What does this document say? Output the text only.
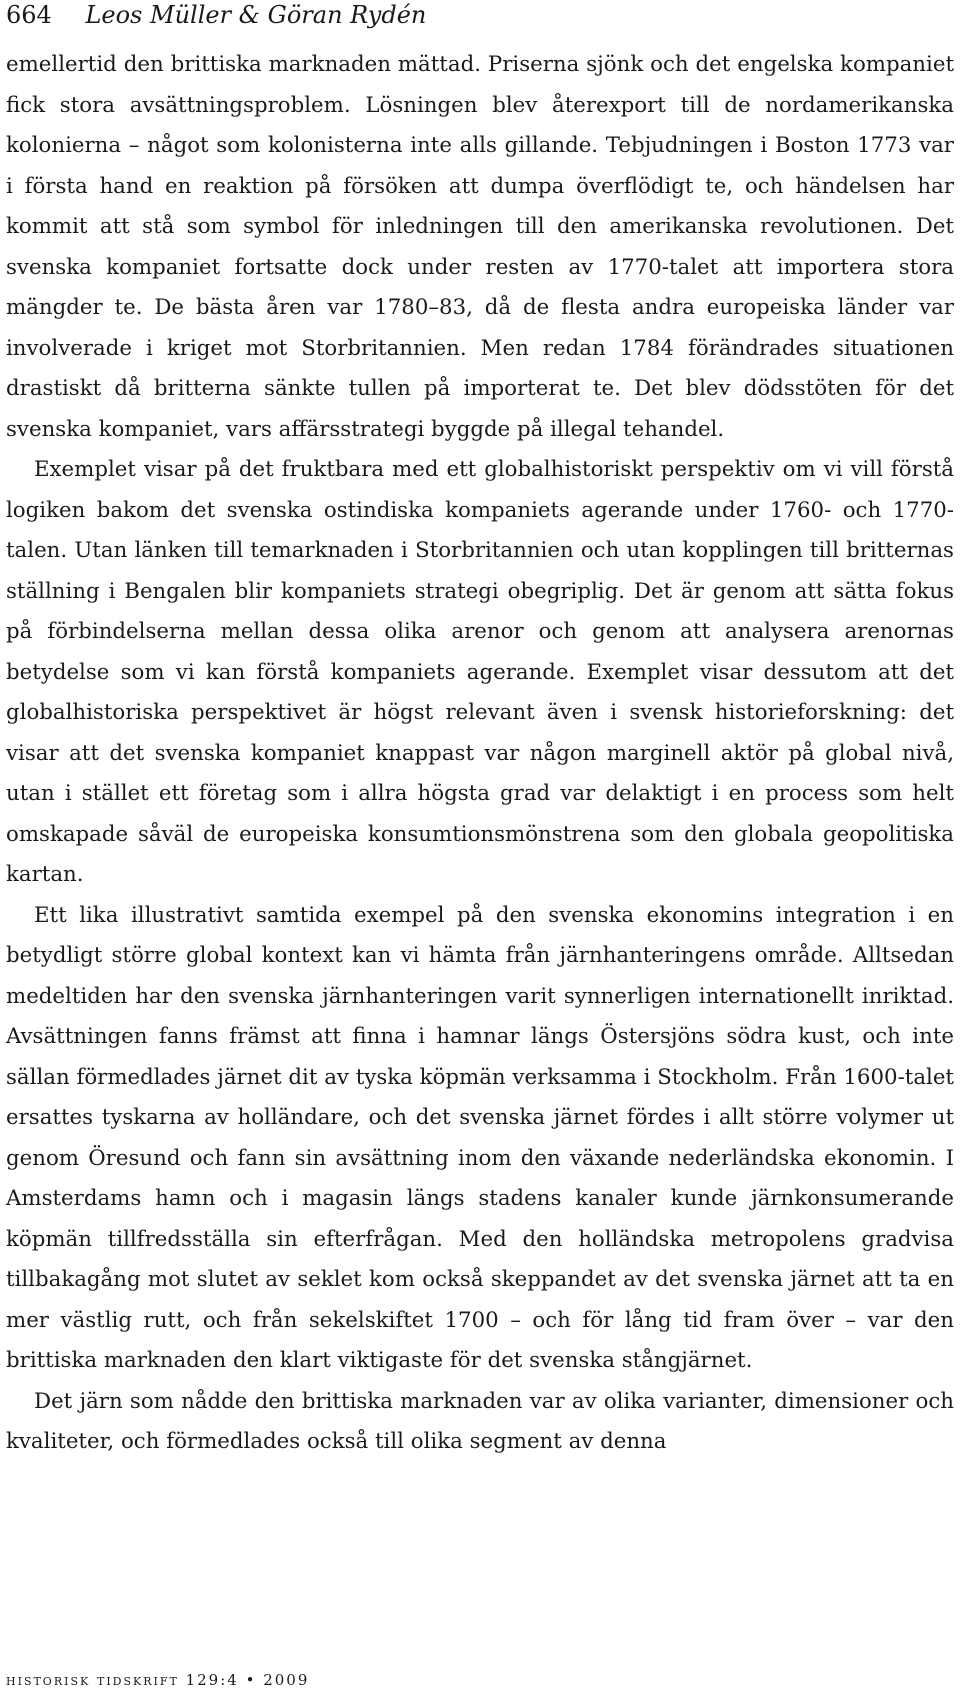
664 Leos Müller & Göran Rydén

emellertid den brittiska marknaden mättad. Priserna sjönk och det engelska kompaniet fick stora avsättningsproblem. Lösningen blev återexport till de nordamerikanska kolonierna – något som kolonisterna inte alls gillande. Tebjudningen i Boston 1773 var i första hand en reaktion på försöken att dumpa överflödigt te, och händelsen har kommit att stå som symbol för inledningen till den amerikanska revolutionen. Det svenska kompaniet fortsatte dock under resten av 1770-talet att importera stora mängder te. De bästa åren var 1780–83, då de flesta andra europeiska länder var involverade i kriget mot Storbritannien. Men redan 1784 förändrades situationen drastiskt då britterna sänkte tullen på importerat te. Det blev dödsstöten för det svenska kompaniet, vars affärsstrategi byggde på illegal tehandel.

Exemplet visar på det fruktbara med ett globalhistoriskt perspektiv om vi vill förstå logiken bakom det svenska ostindiska kompaniets agerande under 1760- och 1770-talen. Utan länken till temarknaden i Storbritannien och utan kopplingen till britternas ställning i Bengalen blir kompaniets strategi obegriplig. Det är genom att sätta fokus på förbindelserna mellan dessa olika arenor och genom att analysera arenornas betydelse som vi kan förstå kompaniets agerande. Exemplet visar dessutom att det globalhistoriska perspektivet är högst relevant även i svensk historieforskning: det visar att det svenska kompaniet knappast var någon marginell aktör på global nivå, utan i stället ett företag som i allra högsta grad var delaktigt i en process som helt omskapade såväl de europeiska konsumtionsmönstrena som den globala geopolitiska kartan.

Ett lika illustrativt samtida exempel på den svenska ekonomins integration i en betydligt större global kontext kan vi hämta från järnhanteringens område. Alltsedan medeltiden har den svenska järnhanteringen varit synnerligen internationellt inriktad. Avsättningen fanns främst att finna i hamnar längs Östersjöns södra kust, och inte sällan förmedlades järnet dit av tyska köpmän verksamma i Stockholm. Från 1600-talet ersattes tyskarna av holländare, och det svenska järnet fördes i allt större volymer ut genom Öresund och fann sin avsättning inom den växande nederländska ekonomin. I Amsterdams hamn och i magasin längs stadens kanaler kunde järnkonsumerande köpmän tillfredsställa sin efterfrågan. Med den holländska metropolens gradvisa tillbakagång mot slutet av seklet kom också skeppandet av det svenska järnet att ta en mer västlig rutt, och från sekelskiftet 1700 – och för lång tid fram över – var den brittiska marknaden den klart viktigaste för det svenska stångjärnet.

Det järn som nådde den brittiska marknaden var av olika varianter, dimensioner och kvaliteter, och förmedlades också till olika segment av denna

historisk tidskrift 129:4 • 2009
